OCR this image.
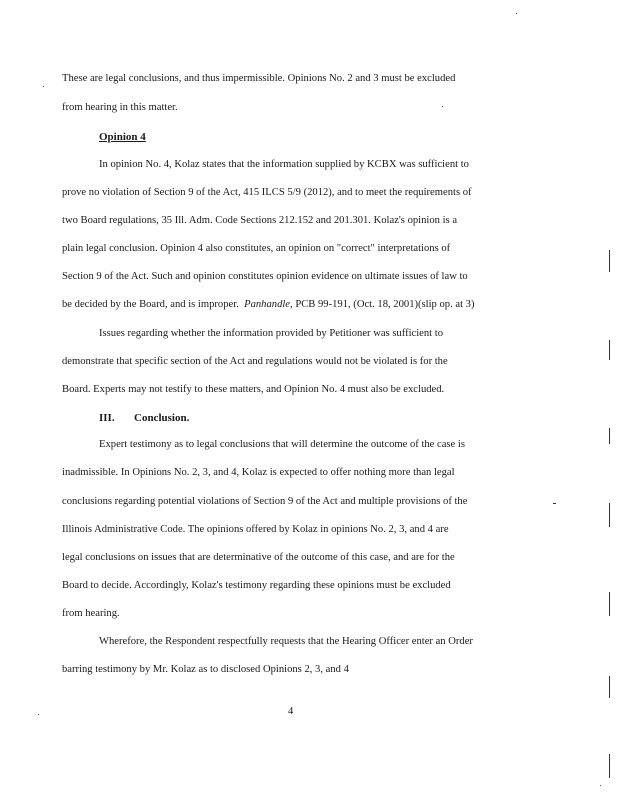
These are legal conclusions, and thus impermissible. Opinions No. 2 and 3 must be excluded
from hearing in this matter.
Opinion 4
In opinion No. 4, Kolaz states that the information supplied by KCBX was sufficient to
prove no violation of Section 9 of the Act, 415 ILCS 5/9 (2012), and to meet the requirements of
two Board regulations, 35 Ill. Adm. Code Sections 212.152 and 201.301. Kolaz's opinion is a
plain legal conclusion. Opinion 4 also constitutes, an opinion on "correct" interpretations of
Section 9 of the Act. Such and opinion constitutes opinion evidence on ultimate issues of law to
be decided by the Board, and is improper. Panhandle, PCB 99-191, (Oct. 18, 2001)(slip op. at 3)
Issues regarding whether the information provided by Petitioner was sufficient to
demonstrate that specific section of the Act and regulations would not be violated is for the
Board. Experts may not testify to these matters, and Opinion No. 4 must also be excluded.
III. Conclusion.
Expert testimony as to legal conclusions that will determine the outcome of the case is
inadmissible. In Opinions No. 2, 3, and 4, Kolaz is expected to offer nothing more than legal
conclusions regarding potential violations of Section 9 of the Act and multiple provisions of the
Illinois Administrative Code. The opinions offered by Kolaz in opinions No. 2, 3, and 4 are
legal conclusions on issues that are determinative of the outcome of this case, and are for the
Board to decide. Accordingly, Kolaz's testimony regarding these opinions must be excluded
from hearing.
Wherefore, the Respondent respectfully requests that the Hearing Officer enter an Order
barring testimony by Mr. Kolaz as to disclosed Opinions 2, 3, and 4
4
